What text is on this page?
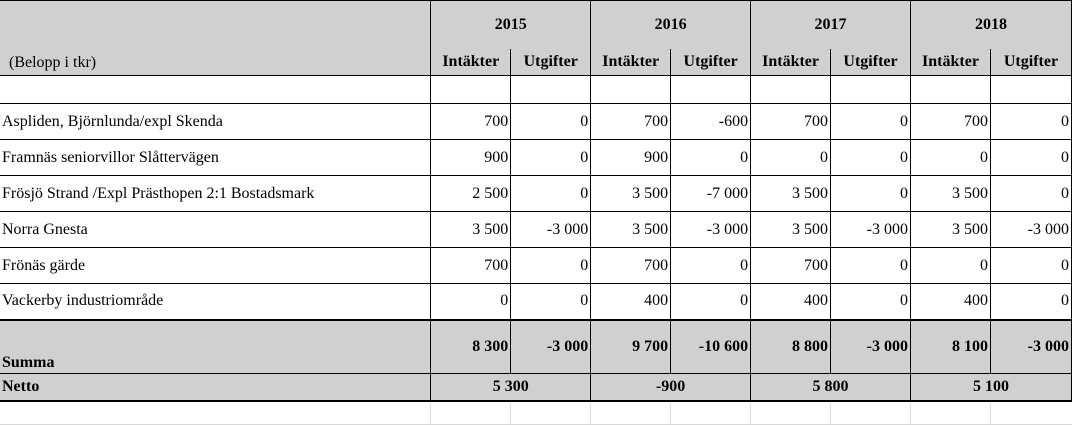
	2015		2016		2017		2018	
(Belopp i tkr)	Intäkter	Utgifter	Intäkter	Utgifter	Intäkter	Utgifter	Intäkter	Utgifter

Aspliden, Björnlunda/expl Skenda	700	0	700	-600	700	0	700	0
Framnäs seniorvillor Slåttervägen	900	0	900	0	0	0	0	0
Frösjö Strand /Expl Prästhopen 2:1 Bostadsmark	2 500	0	3 500	-7 000	3 500	0	3 500	0
Norra Gnesta	3 500	-3 000	3 500	-3 000	3 500	-3 000	3 500	-3 000
Frönäs gärde	700	0	700	0	700	0	0	0
Vackerby industriområde	0	0	400	0	400	0	400	0
Summa	8 300	-3 000	9 700	-10 600	8 800	-3 000	8 100	-3 000
Netto	5 300		-900		5 800		5 100	
